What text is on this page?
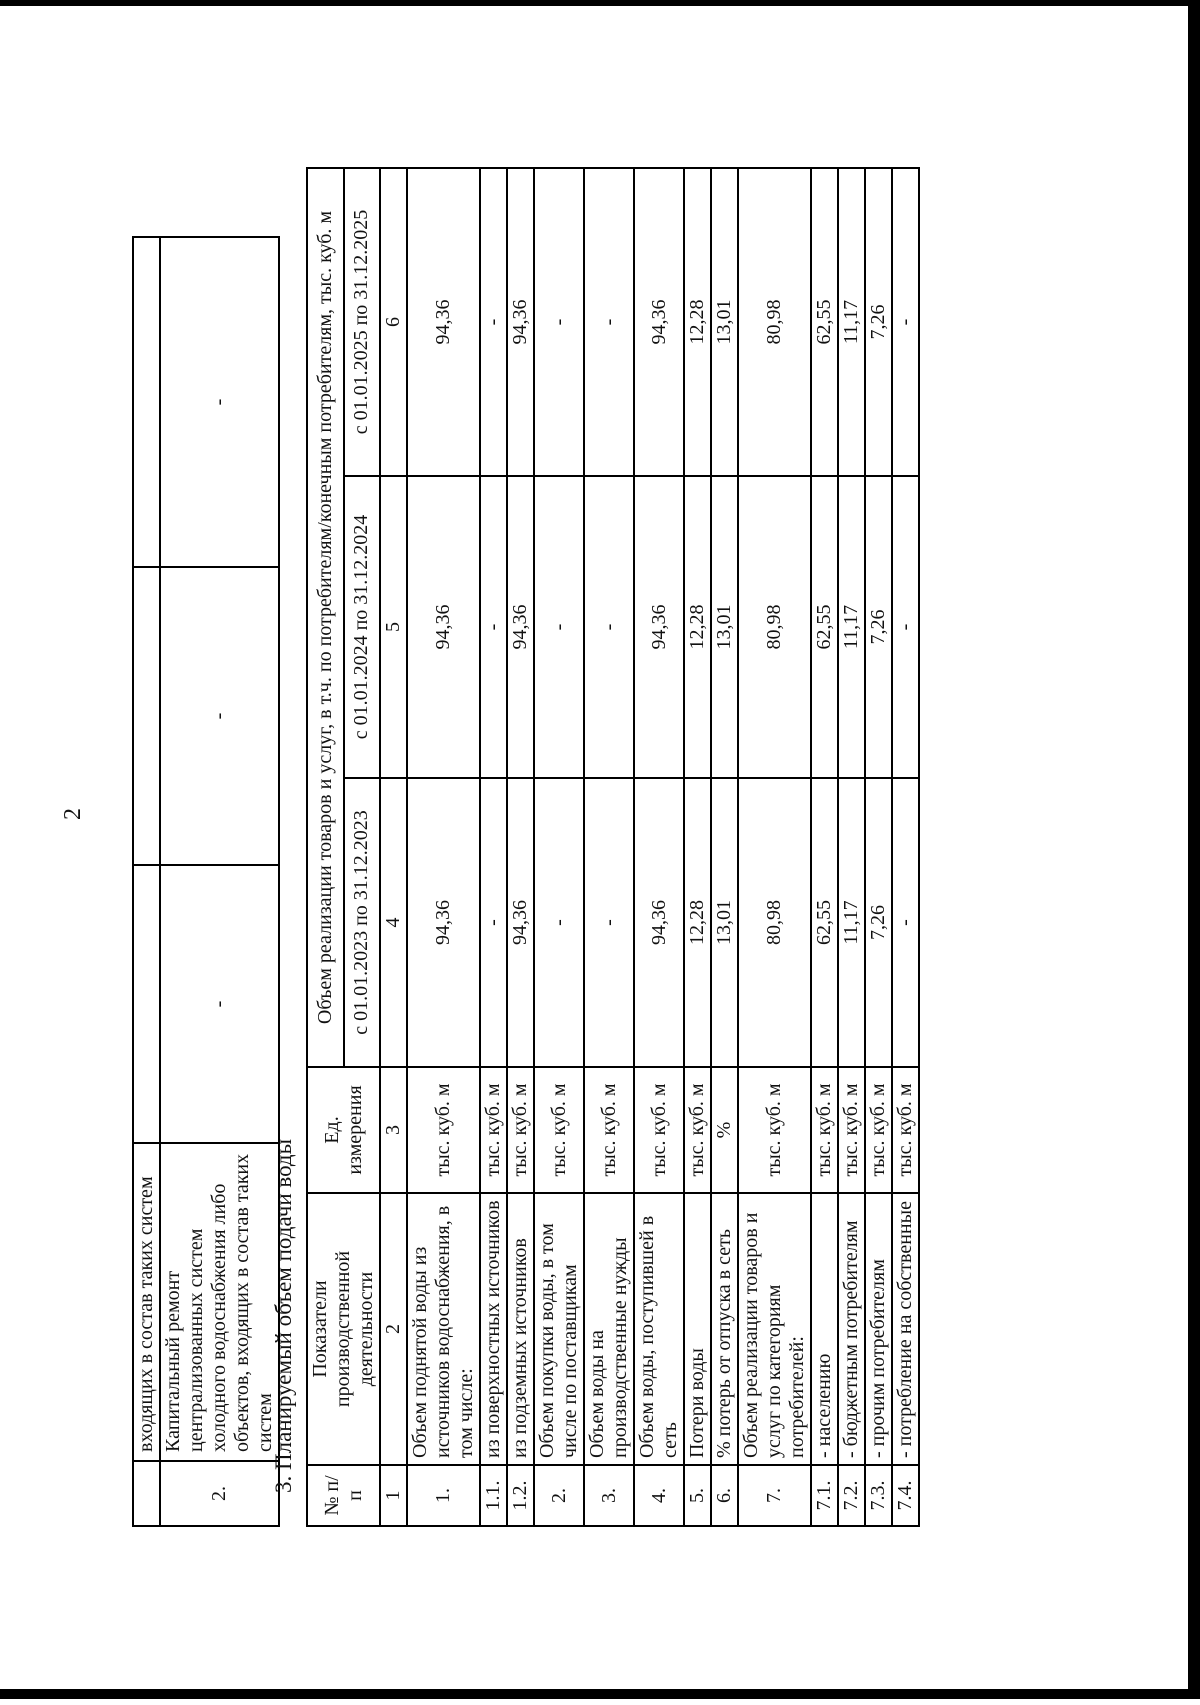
	входящих в состав таких систем			
2.	Капитальный ремонт централизованных систем холодного водоснабжения либо объектов, входящих в состав таких систем	-	-	-
2
3. Планируемый объем подачи воды
№ п/п	Показатели производственной деятельности	Ед. измерения	Объем реализации товаров и услуг, в т.ч. по потребителям/конечным потребителям, тыс. куб. м		
			с 01.01.2023 по 31.12.2023	с 01.01.2024 по 31.12.2024	с 01.01.2025 по 31.12.2025
1	2	3	4	5	6
1.	Объем поднятой воды из источников водоснабжения, в том числе:	тыс. куб. м	94,36	94,36	94,36
1.1.	из поверхностных источников	тыс. куб. м	-	-	-
1.2.	из подземных источников	тыс. куб. м	94,36	94,36	94,36
2.	Объем покупки воды, в том числе по поставщикам	тыс. куб. м	-	-	-
3.	Объем воды на производственные нужды	тыс. куб. м	-	-	-
4.	Объем воды, поступившей в сеть	тыс. куб. м	94,36	94,36	94,36
5.	Потери воды	тыс. куб. м	12,28	12,28	12,28
6.	% потерь от отпуска в сеть	%	13,01	13,01	13,01
7.	Объем реализации товаров и услуг по категориям потребителей:	тыс. куб. м	80,98	80,98	80,98
7.1.	- населению	тыс. куб. м	62,55	62,55	62,55
7.2.	- бюджетным потребителям	тыс. куб. м	11,17	11,17	11,17
7.3.	- прочим потребителям	тыс. куб. м	7,26	7,26	7,26
7.4.	- потребление на собственные	тыс. куб. м	-	-	-
